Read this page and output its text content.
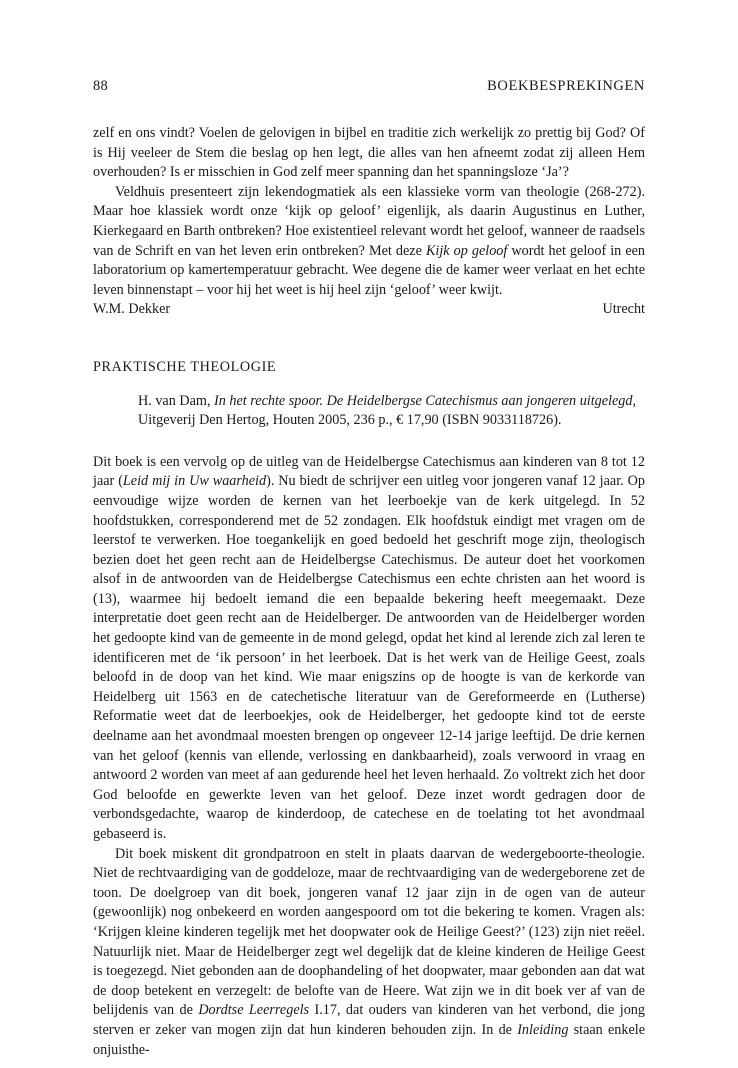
88	BOEKBESPREKINGEN

zelf en ons vindt? Voelen de gelovigen in bijbel en traditie zich werkelijk zo prettig bij God? Of is Hij veeleer de Stem die beslag op hen legt, die alles van hen afneemt zodat zij alleen Hem overhouden? Is er misschien in God zelf meer spanning dan het spanningsloze ‘Ja’?

Veldhuis presenteert zijn lekendogmatiek als een klassieke vorm van theologie (268-272). Maar hoe klassiek wordt onze ‘kijk op geloof’ eigenlijk, als daarin Augustinus en Luther, Kierkegaard en Barth ontbreken? Hoe existentieel relevant wordt het geloof, wanneer de raadsels van de Schrift en van het leven erin ontbreken? Met deze Kijk op geloof wordt het geloof in een laboratorium op kamertemperatuur gebracht. Wee degene die de kamer weer verlaat en het echte leven binnenstapt – voor hij het weet is hij heel zijn ‘geloof’ weer kwijt.

W.M. Dekker	Utrecht
PRAKTISCHE THEOLOGIE
H. van Dam, In het rechte spoor. De Heidelbergse Catechismus aan jongeren uitgelegd, Uitgeverij Den Hertog, Houten 2005, 236 p., € 17,90 (ISBN 9033118726).

Dit boek is een vervolg op de uitleg van de Heidelbergse Catechismus aan kinderen van 8 tot 12 jaar (Leid mij in Uw waarheid). Nu biedt de schrijver een uitleg voor jongeren vanaf 12 jaar. Op eenvoudige wijze worden de kernen van het leerboekje van de kerk uitgelegd. In 52 hoofdstukken, corresponderend met de 52 zondagen. Elk hoofdstuk eindigt met vragen om de leerstof te verwerken. Hoe toegankelijk en goed bedoeld het geschrift moge zijn, theologisch bezien doet het geen recht aan de Heidelbergse Catechismus. De auteur doet het voorkomen alsof in de antwoorden van de Heidelbergse Catechismus een echte christen aan het woord is (13), waarmee hij bedoelt iemand die een bepaalde bekering heeft meegemaakt. Deze interpretatie doet geen recht aan de Heidelberger. De antwoorden van de Heidelberger worden het gedoopte kind van de gemeente in de mond gelegd, opdat het kind al lerende zich zal leren te identificeren met de ‘ik persoon’ in het leerboek. Dat is het werk van de Heilige Geest, zoals beloofd in de doop van het kind. Wie maar enigszins op de hoogte is van de kerkorde van Heidelberg uit 1563 en de catechetische literatuur van de Gereformeerde en (Lutherse) Reformatie weet dat de leerboekjes, ook de Heidelberger, het gedoopte kind tot de eerste deelname aan het avondmaal moesten brengen op ongeveer 12-14 jarige leeftijd. De drie kernen van het geloof (kennis van ellende, verlossing en dankbaarheid), zoals verwoord in vraag en antwoord 2 worden van meet af aan gedurende heel het leven herhaald. Zo voltrekt zich het door God beloofde en gewerkte leven van het geloof. Deze inzet wordt gedragen door de verbondsgedachte, waarop de kinderdoop, de catechese en de toelating tot het avondmaal gebaseerd is.

Dit boek miskent dit grondpatroon en stelt in plaats daarvan de wedergeboorte-theologie. Niet de rechtvaardiging van de goddeloze, maar de rechtvaardiging van de wedergeborene zet de toon. De doelgroep van dit boek, jongeren vanaf 12 jaar zijn in de ogen van de auteur (gewoonlijk) nog onbekeerd en worden aangespoord om tot die bekering te komen. Vragen als: ‘Krijgen kleine kinderen tegelijk met het doopwater ook de Heilige Geest?’ (123) zijn niet reëel. Natuurlijk niet. Maar de Heidelberger zegt wel degelijk dat de kleine kinderen de Heilige Geest is toegezegd. Niet gebonden aan de doophandeling of het doopwater, maar gebonden aan dat wat de doop betekent en verzegelt: de belofte van de Heere. Wat zijn we in dit boek ver af van de belijdenis van de Dordtse Leerregels I.17, dat ouders van kinderen van het verbond, die jong sterven er zeker van mogen zijn dat hun kinderen behouden zijn. In de Inleiding staan enkele onjuisthe-
